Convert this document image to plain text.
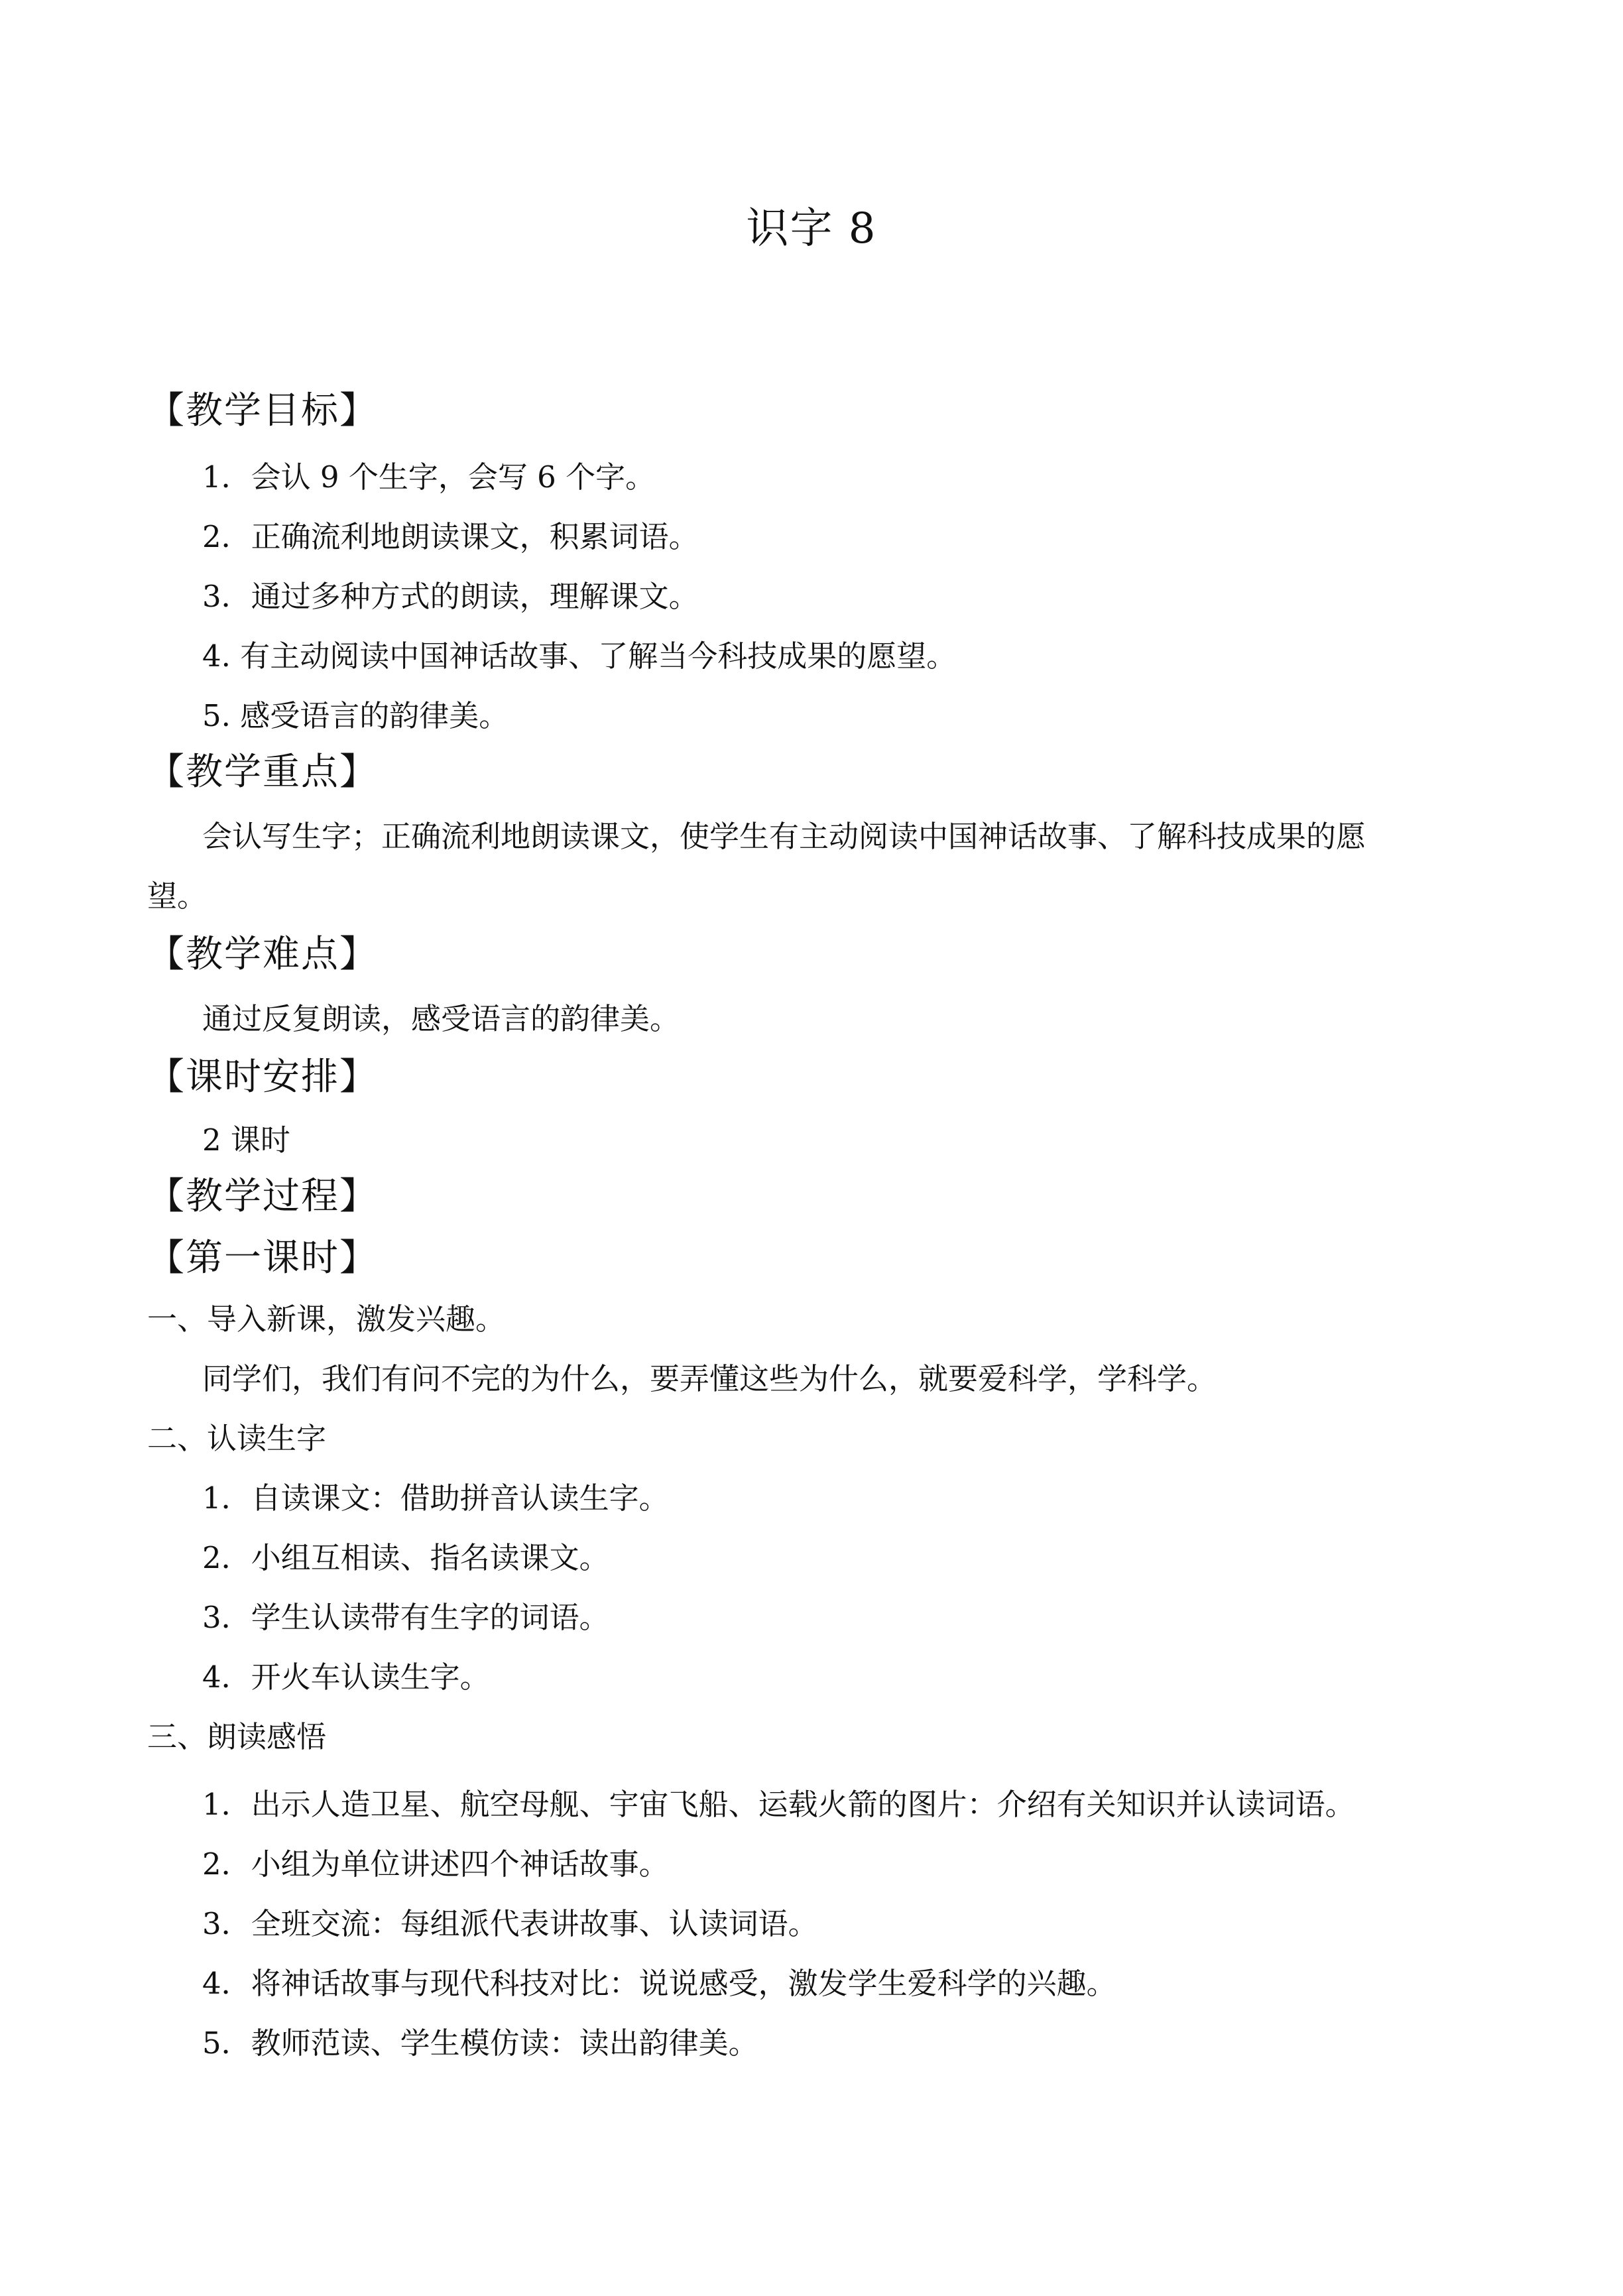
识字 8
【教学目标】
1．会认 9 个生字，会写 6 个字。
2．正确流利地朗读课文，积累词语。
3．通过多种方式的朗读，理解课文。
4. 有主动阅读中国神话故事、了解当今科技成果的愿望。
5. 感受语言的韵律美。
【教学重点】
会认写生字；正确流利地朗读课文，使学生有主动阅读中国神话故事、了解科技成果的愿
望。
【教学难点】
通过反复朗读，感受语言的韵律美。
【课时安排】
2 课时
【教学过程】
【第一课时】
一、导入新课，激发兴趣。
同学们，我们有问不完的为什么，要弄懂这些为什么，就要爱科学，学科学。
二、认读生字
1．自读课文：借助拼音认读生字。
2．小组互相读、指名读课文。
3．学生认读带有生字的词语。
4．开火车认读生字。
三、朗读感悟
1．出示人造卫星、航空母舰、宇宙飞船、运载火箭的图片：介绍有关知识并认读词语。
2．小组为单位讲述四个神话故事。
3．全班交流：每组派代表讲故事、认读词语。
4．将神话故事与现代科技对比：说说感受，激发学生爱科学的兴趣。
5．教师范读、学生模仿读：读出韵律美。
